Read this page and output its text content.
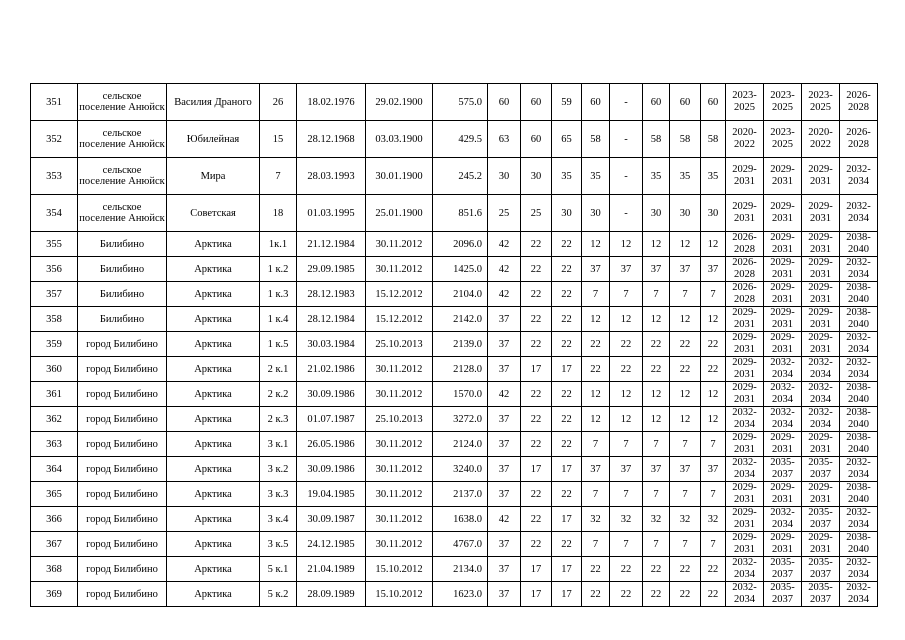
351	сельское поселение Анюйск	Василия Драного	26	18.02.1976	29.02.1900	575.0	60	60	59	60	-	60	60	60	2023-2025	2023-2025	2023-2025	2026-2028
352	сельское поселение Анюйск	Юбилейная	15	28.12.1968	03.03.1900	429.5	63	60	65	58	-	58	58	58	2020-2022	2023-2025	2020-2022	2026-2028
353	сельское поселение Анюйск	Мира	7	28.03.1993	30.01.1900	245.2	30	30	35	35	-	35	35	35	2029-2031	2029-2031	2029-2031	2032-2034
354	сельское поселение Анюйск	Советская	18	01.03.1995	25.01.1900	851.6	25	25	30	30	-	30	30	30	2029-2031	2029-2031	2029-2031	2032-2034
355	Билибино	Арктика	1к.1	21.12.1984	30.11.2012	2096.0	42	22	22	12	12	12	12	12	2026-2028	2029-2031	2029-2031	2038-2040
356	Билибино	Арктика	1 к.2	29.09.1985	30.11.2012	1425.0	42	22	22	37	37	37	37	37	2026-2028	2029-2031	2029-2031	2032-2034
357	Билибино	Арктика	1 к.3	28.12.1983	15.12.2012	2104.0	42	22	22	7	7	7	7	7	2026-2028	2029-2031	2029-2031	2038-2040
358	Билибино	Арктика	1 к.4	28.12.1984	15.12.2012	2142.0	37	22	22	12	12	12	12	12	2029-2031	2029-2031	2029-2031	2038-2040
359	город Билибино	Арктика	1 к.5	30.03.1984	25.10.2013	2139.0	37	22	22	22	22	22	22	22	2029-2031	2029-2031	2029-2031	2032-2034
360	город Билибино	Арктика	2 к.1	21.02.1986	30.11.2012	2128.0	37	17	17	22	22	22	22	22	2029-2031	2032-2034	2032-2034	2032-2034
361	город Билибино	Арктика	2 к.2	30.09.1986	30.11.2012	1570.0	42	22	22	12	12	12	12	12	2029-2031	2032-2034	2032-2034	2038-2040
362	город Билибино	Арктика	2 к.3	01.07.1987	25.10.2013	3272.0	37	22	22	12	12	12	12	12	2032-2034	2032-2034	2032-2034	2038-2040
363	город Билибино	Арктика	3 к.1	26.05.1986	30.11.2012	2124.0	37	22	22	7	7	7	7	7	2029-2031	2029-2031	2029-2031	2038-2040
364	город Билибино	Арктика	3 к.2	30.09.1986	30.11.2012	3240.0	37	17	17	37	37	37	37	37	2032-2034	2035-2037	2035-2037	2032-2034
365	город Билибино	Арктика	3 к.3	19.04.1985	30.11.2012	2137.0	37	22	22	7	7	7	7	7	2029-2031	2029-2031	2029-2031	2038-2040
366	город Билибино	Арктика	3 к.4	30.09.1987	30.11.2012	1638.0	42	22	17	32	32	32	32	32	2029-2031	2032-2034	2035-2037	2032-2034
367	город Билибино	Арктика	3 к.5	24.12.1985	30.11.2012	4767.0	37	22	22	7	7	7	7	7	2029-2031	2029-2031	2029-2031	2038-2040
368	город Билибино	Арктика	5 к.1	21.04.1989	15.10.2012	2134.0	37	17	17	22	22	22	22	22	2032-2034	2035-2037	2035-2037	2032-2034
369	город Билибино	Арктика	5 к.2	28.09.1989	15.10.2012	1623.0	37	17	17	22	22	22	22	22	2032-2034	2035-2037	2035-2037	2032-2034
